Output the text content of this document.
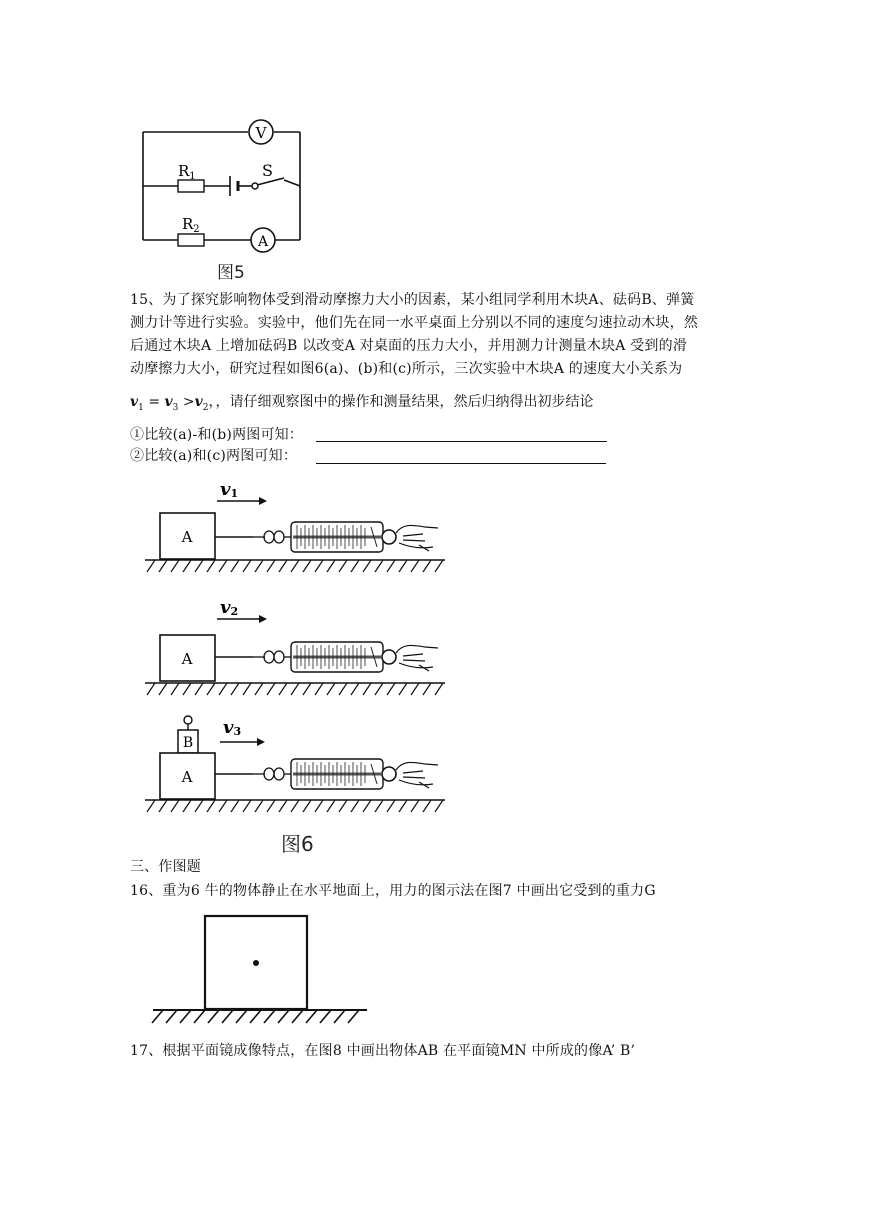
V
$R_1$	S
$R_2$
A
图5
15、为了探究影响物体受到滑动摩擦力大小的因素，某小组同学利用木块A、砝码B、弹簧
测力计等进行实验。实验中，他们先在同一水平桌面上分别以不同的速度匀速拉动木块，然
后通过木块A 上增加砝码B 以改变A 对桌面的压力大小，并用测力计测量木块A 受到的滑
动摩擦力大小，研究过程如图6(a)、(b)和(c)所示，三次实验中木块A 的速度大小关系为
$v_1 = v_3 >v_2$，，请仔细观察图中的操作和测量结果，然后归纳得出初步结论
①比较(a)-和(b)两图可知：
②比较(a)和(c)两图可知：
v1
A
v2
A
B
v3
A
图6
三、作图题
16、重为6 牛的物体静止在水平地面上，用力的图示法在图7 中画出它受到的重力G
17、根据平面镜成像特点，在图8 中画出物体AB 在平面镜MN 中所成的像A’ B’
